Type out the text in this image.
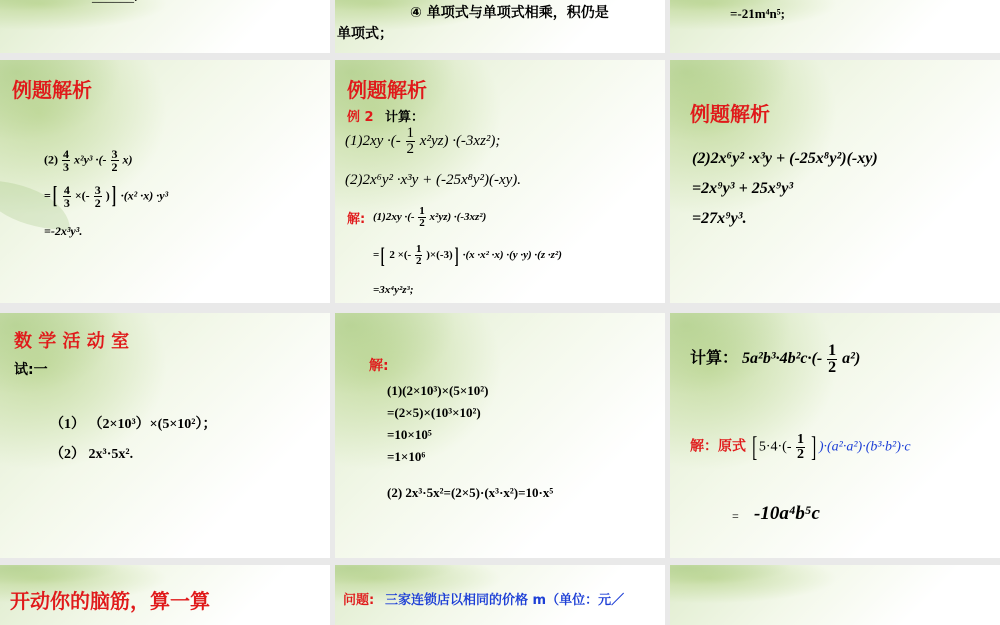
④ 单项式与单项式相乘，积仍是
单项式；
=-21m⁴n⁵;
例题解析
$(2) \frac{4}{3} x^2y^3$ ·(- $\frac{3}{2} x$)
=[ $\frac{4}{3}$ ×(- $\frac{3}{2}$ )] ·(x² ·x) ·y³
=-2x³y³.
例题解析
例 2 计算：
(1)2xy ·(- $\frac{1}{2} x^2yz) \cdot(-3xz^2)$;
(2)2x⁶y² ·x³y + (-25x⁸y²)(-xy).
解: (1)2xy ·(- $\frac{1}{2} x^2yz) \cdot(-3xz^2)$
=[ 2 ×(- $\frac{1}{2} )\times(-3)] \cdot(x \cdot x^2 \cdot x) \cdot(y \cdot y) \cdot(z \cdot z^2)$
=3x⁴y²z³;
例题解析
(2)2x⁶y² ·x³y + (-25x⁸y²)(-xy)
=2x⁹y³ + 25x⁹y³
=27x⁹y³.
数 学 活 动 室
试:一
（1） （2×10³）×(5×10²）；
（2） 2x³·5x².
解:
(1)(2×10³)×(5×10²)
=(2×5)×(10³×10²)
=10×10⁵
=1×10⁶
(2) 2x³·5x²=(2×5)·(x³·x²)=10·x⁵
计算： $5a^2b^3\cdot 4b^2c\cdot(- \frac{1}{2} a^2)$
解：原式 [ $5\cdot 4\cdot(- \frac{1}{2}$ ] )·(a²·a²)·(b³·b²)·c
= -10a⁴b⁵c
开动你的脑筋，算一算	问题: 三家连锁店以相同的价格 m（单位：元／
